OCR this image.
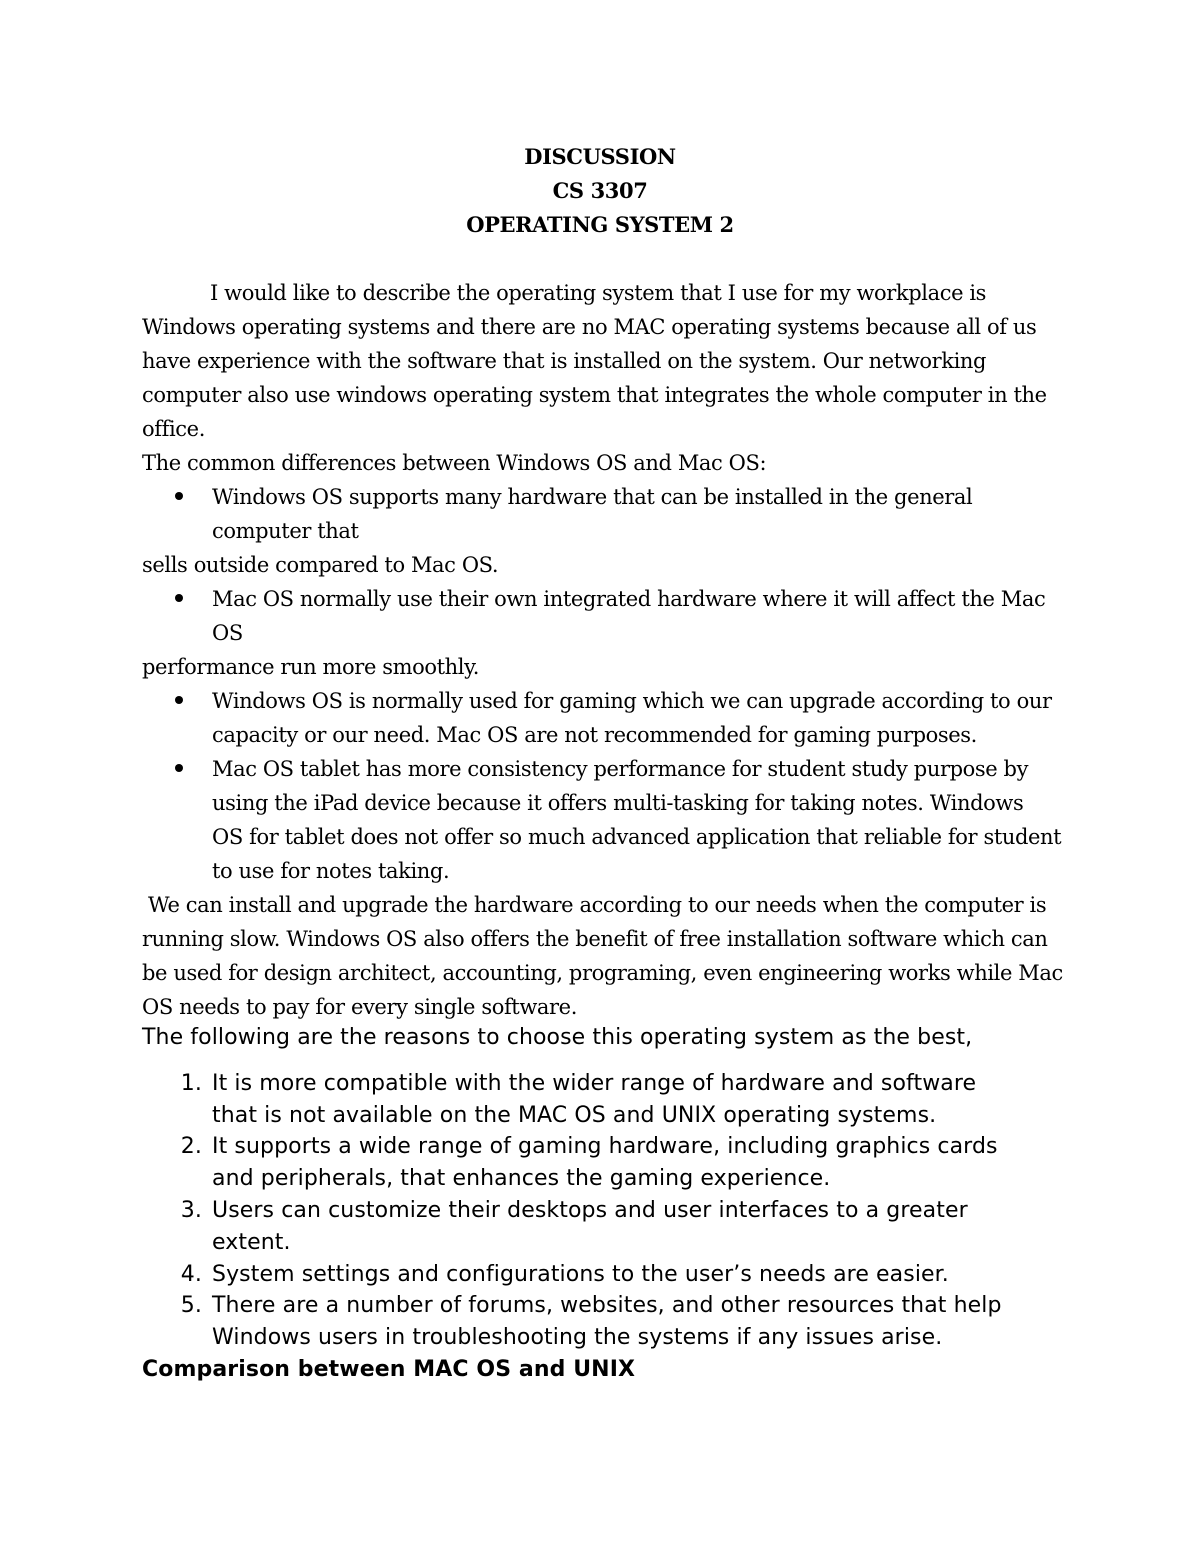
DISCUSSION
CS 3307
OPERATING SYSTEM 2
I would like to describe the operating system that I use for my workplace is
Windows operating systems and there are no MAC operating systems because all of us
have experience with the software that is installed on the system. Our networking
computer also use windows operating system that integrates the whole computer in the
office.
The common differences between Windows OS and Mac OS:
Windows OS supports many hardware that can be installed in the general
computer that
sells outside compared to Mac OS.
Mac OS normally use their own integrated hardware where it will affect the Mac
OS
performance run more smoothly.
Windows OS is normally used for gaming which we can upgrade according to our
capacity or our need. Mac OS are not recommended for gaming purposes.
Mac OS tablet has more consistency performance for student study purpose by
using the iPad device because it offers multi-tasking for taking notes. Windows
OS for tablet does not offer so much advanced application that reliable for student
to use for notes taking.
We can install and upgrade the hardware according to our needs when the computer is
running slow. Windows OS also offers the benefit of free installation software which can
be used for design architect, accounting, programing, even engineering works while Mac
OS needs to pay for every single software.
The following are the reasons to choose this operating system as the best,
1. It is more compatible with the wider range of hardware and software
that is not available on the MAC OS and UNIX operating systems.
2. It supports a wide range of gaming hardware, including graphics cards
and peripherals, that enhances the gaming experience.
3. Users can customize their desktops and user interfaces to a greater
extent.
4. System settings and configurations to the user’s needs are easier.
5. There are a number of forums, websites, and other resources that help
Windows users in troubleshooting the systems if any issues arise.
Comparison between MAC OS and UNIX
